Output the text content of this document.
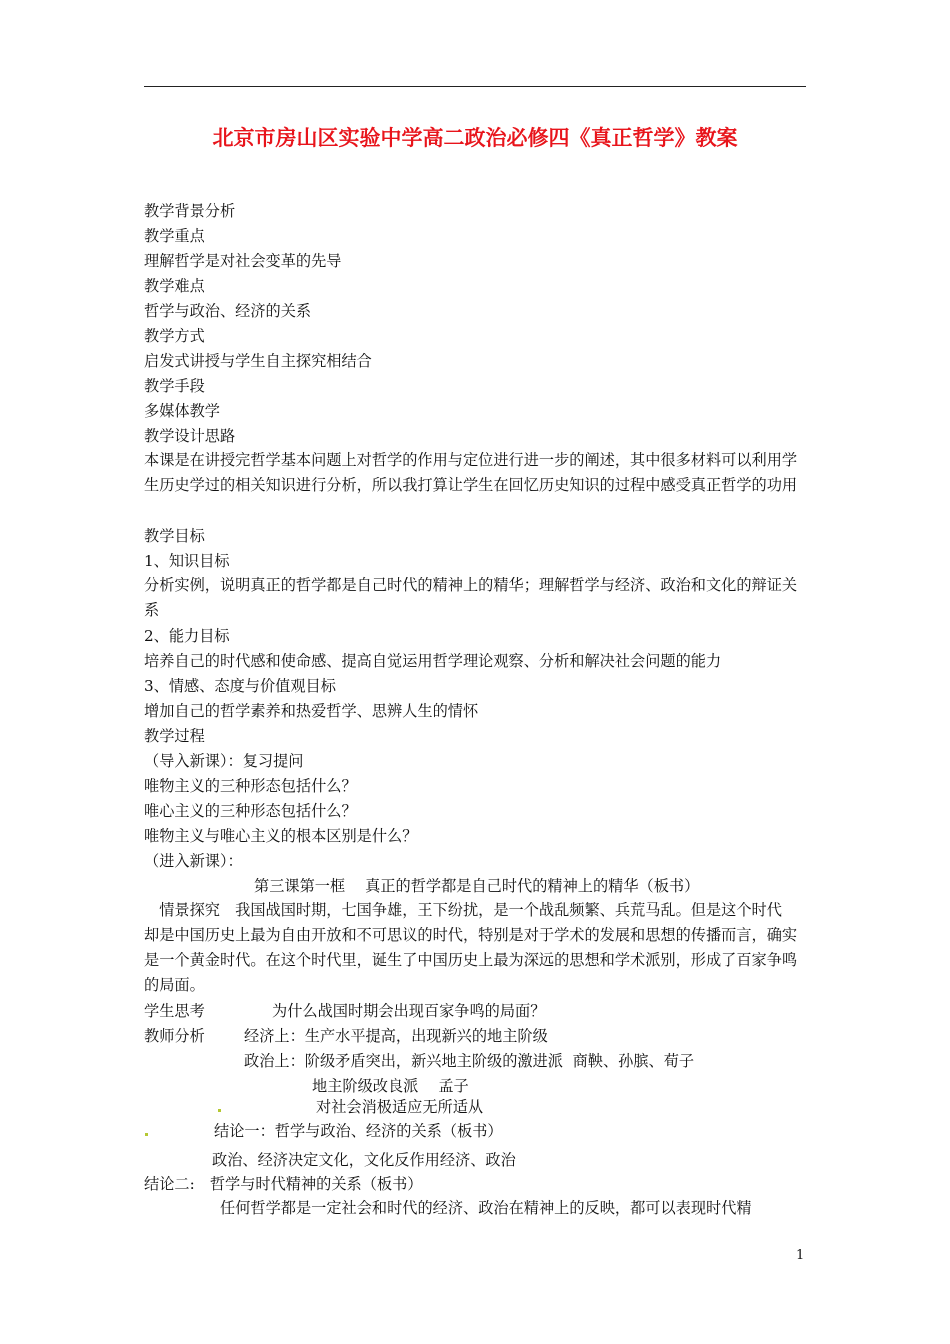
北京市房山区实验中学高二政治必修四《真正哲学》教案
教学背景分析
教学重点
理解哲学是对社会变革的先导
教学难点
哲学与政治、经济的关系
教学方式
启发式讲授与学生自主探究相结合
教学手段
多媒体教学
教学设计思路
本课是在讲授完哲学基本问题上对哲学的作用与定位进行进一步的阐述，其中很多材料可以利用学生历史学过的相关知识进行分析，所以我打算让学生在回忆历史知识的过程中感受真正哲学的功用
教学目标
1、知识目标
分析实例，说明真正的哲学都是自己时代的精神上的精华；理解哲学与经济、政治和文化的辩证关系
2、能力目标
培养自己的时代感和使命感、提高自觉运用哲学理论观察、分析和解决社会问题的能力
3、情感、态度与价值观目标
增加自己的哲学素养和热爱哲学、思辨人生的情怀
教学过程
（导入新课）：复习提问
唯物主义的三种形态包括什么？
唯心主义的三种形态包括什么？
唯物主义与唯心主义的根本区别是什么？
（进入新课）：
第三课第一框　 真正的哲学都是自己时代的精神上的精华（板书）
　情景探究　我国战国时期，七国争雄，王下纷扰，是一个战乱频繁、兵荒马乱。但是这个时代　却是中国历史上最为自由开放和不可思议的时代，特别是对于学术的发展和思想的传播而言，确实是一个黄金时代。在这个时代里，诞生了中国历史上最为深远的思想和学术派别，形成了百家争鸣的局面。
学生思考	为什么战国时期会出现百家争鸣的局面？
教师分析	经济上：生产水平提高，出现新兴的地主阶级
政治上：阶级矛盾突出，新兴地主阶级的激进派  商鞅、孙膑、荀子
地主阶级改良派　 孟子
对社会消极适应无所适从
结论一：哲学与政治、经济的关系（板书）
政治、经济决定文化，文化反作用经济、政治
结论二:　哲学与时代精神的关系（板书）
任何哲学都是一定社会和时代的经济、政治在精神上的反映，都可以表现时代精
1
